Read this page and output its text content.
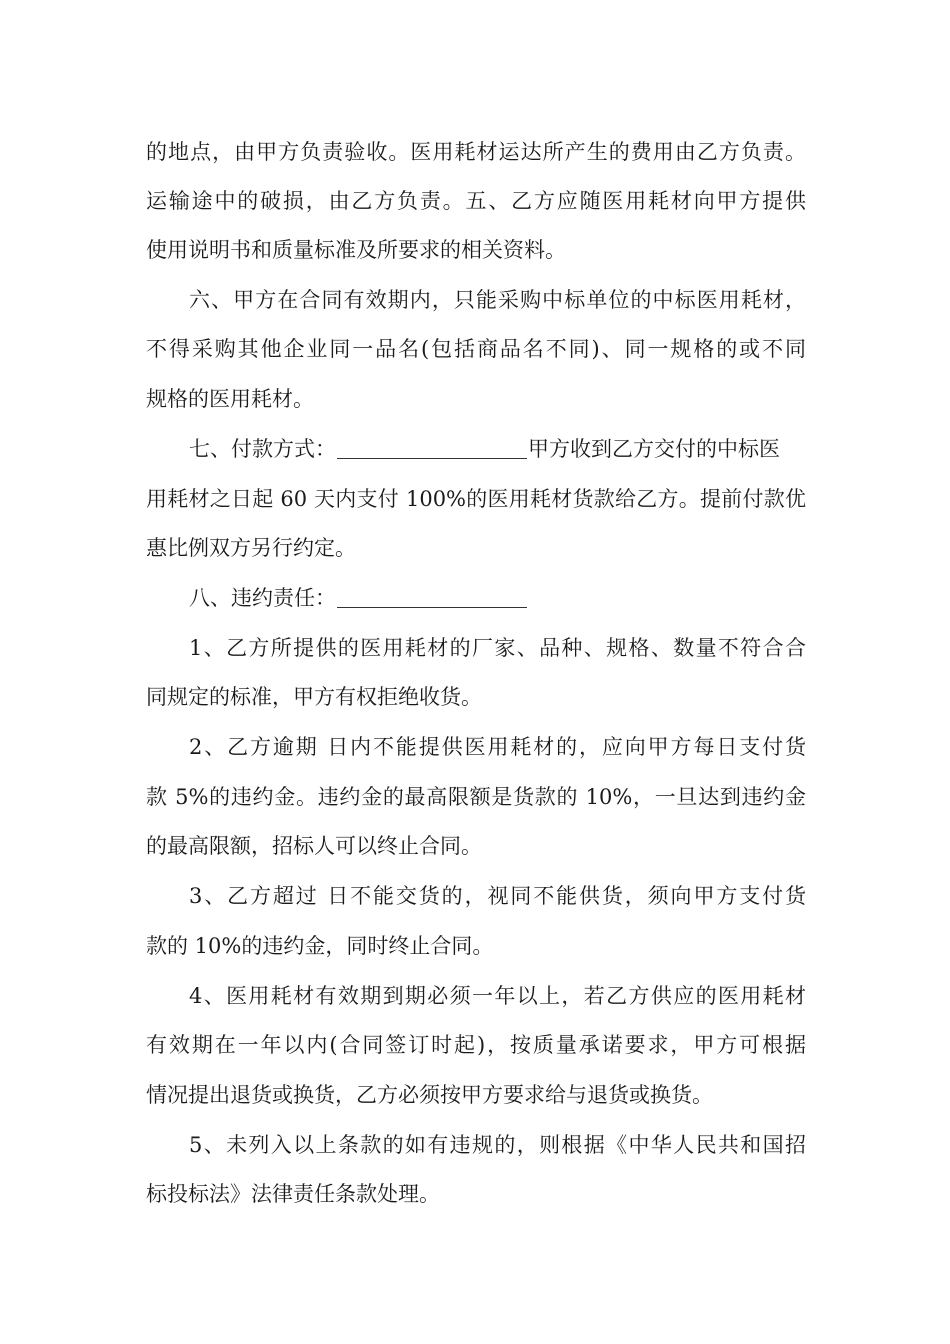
的地点，由甲方负责验收。医用耗材运达所产生的费用由乙方负责。
运输途中的破损，由乙方负责。五、乙方应随医用耗材向甲方提供
使用说明书和质量标准及所要求的相关资料。
六、甲方在合同有效期内，只能采购中标单位的中标医用耗材，
不得采购其他企业同一品名(包括商品名不同)、同一规格的或不同
规格的医用耗材。
七、付款方式：	甲方收到乙方交付的中标医
用耗材之日起 60 天内支付 100%的医用耗材货款给乙方。提前付款优
惠比例双方另行约定。
八、违约责任：
1、乙方所提供的医用耗材的厂家、品种、规格、数量不符合合
同规定的标准，甲方有权拒绝收货。
2、乙方逾期 日内不能提供医用耗材的，应向甲方每日支付货
款 5%的违约金。违约金的最高限额是货款的 10%，一旦达到违约金
的最高限额，招标人可以终止合同。
3、乙方超过 日不能交货的，视同不能供货，须向甲方支付货
款的 10%的违约金，同时终止合同。
4、医用耗材有效期到期必须一年以上，若乙方供应的医用耗材
有效期在一年以内(合同签订时起)，按质量承诺要求，甲方可根据
情况提出退货或换货，乙方必须按甲方要求给与退货或换货。
5、未列入以上条款的如有违规的，则根据《中华人民共和国招
标投标法》法律责任条款处理。
